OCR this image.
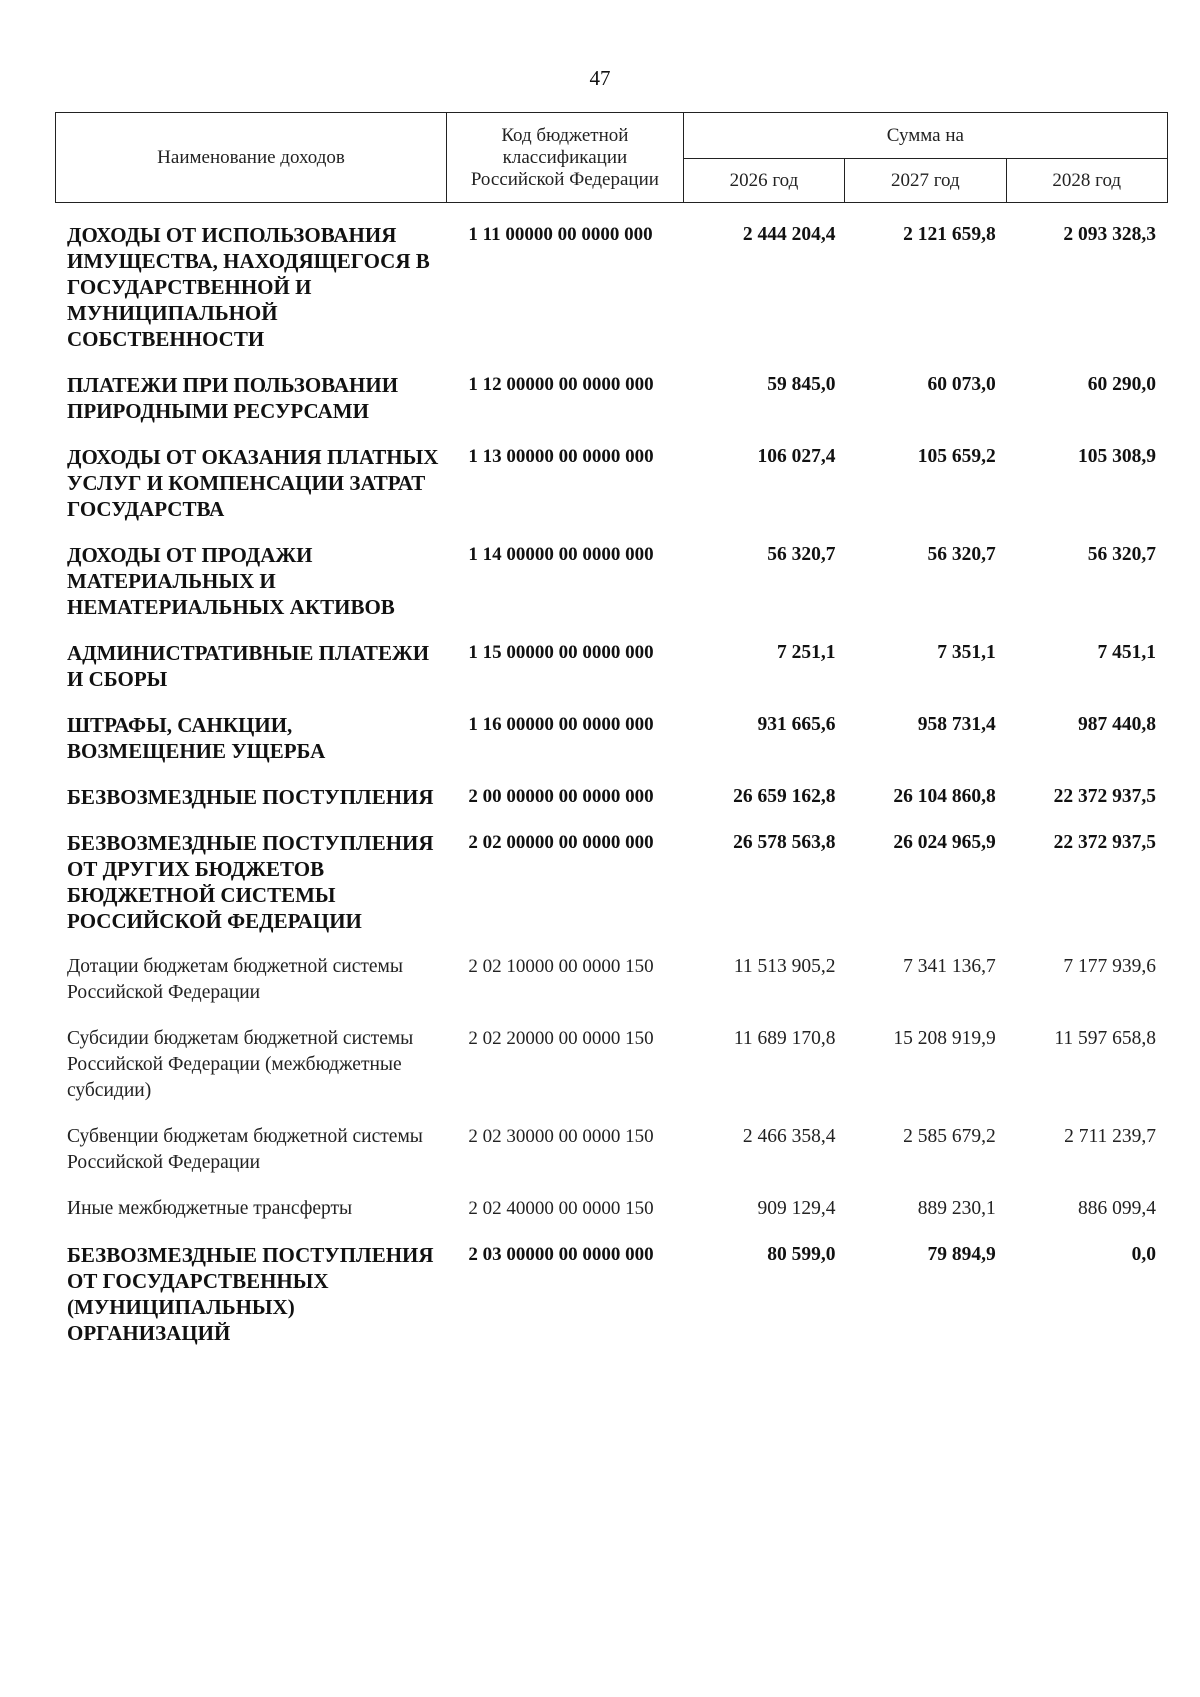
47
Наименование доходов	Код бюджетной
классификации
Российской Федерации	Сумма на		
		2026 год	2027 год	2028 год
ДОХОДЫ ОТ ИСПОЛЬЗОВАНИЯ ИМУЩЕСТВА, НАХОДЯЩЕГОСЯ В ГОСУДАРСТВЕННОЙ И МУНИЦИПАЛЬНОЙ СОБСТВЕННОСТИ	1 11 00000 00 0000 000	2 444 204,4	2 121 659,8	2 093 328,3
ПЛАТЕЖИ ПРИ ПОЛЬЗОВАНИИ ПРИРОДНЫМИ РЕСУРСАМИ	1 12 00000 00 0000 000	59 845,0	60 073,0	60 290,0
ДОХОДЫ ОТ ОКАЗАНИЯ ПЛАТНЫХ УСЛУГ И КОМПЕНСАЦИИ ЗАТРАТ ГОСУДАРСТВА	1 13 00000 00 0000 000	106 027,4	105 659,2	105 308,9
ДОХОДЫ ОТ ПРОДАЖИ МАТЕРИАЛЬНЫХ И НЕМАТЕРИАЛЬНЫХ АКТИВОВ	1 14 00000 00 0000 000	56 320,7	56 320,7	56 320,7
АДМИНИСТРАТИВНЫЕ ПЛАТЕЖИ И СБОРЫ	1 15 00000 00 0000 000	7 251,1	7 351,1	7 451,1
ШТРАФЫ, САНКЦИИ, ВОЗМЕЩЕНИЕ УЩЕРБА	1 16 00000 00 0000 000	931 665,6	958 731,4	987 440,8
БЕЗВОЗМЕЗДНЫЕ ПОСТУПЛЕНИЯ	2 00 00000 00 0000 000	26 659 162,8	26 104 860,8	22 372 937,5
БЕЗВОЗМЕЗДНЫЕ ПОСТУПЛЕНИЯ ОТ ДРУГИХ БЮДЖЕТОВ БЮДЖЕТНОЙ СИСТЕМЫ РОССИЙСКОЙ ФЕДЕРАЦИИ	2 02 00000 00 0000 000	26 578 563,8	26 024 965,9	22 372 937,5
Дотации бюджетам бюджетной системы Российской Федерации	2 02 10000 00 0000 150	11 513 905,2	7 341 136,7	7 177 939,6
Субсидии бюджетам бюджетной системы Российской Федерации (межбюджетные субсидии)	2 02 20000 00 0000 150	11 689 170,8	15 208 919,9	11 597 658,8
Субвенции бюджетам бюджетной системы Российской Федерации	2 02 30000 00 0000 150	2 466 358,4	2 585 679,2	2 711 239,7
Иные межбюджетные трансферты	2 02 40000 00 0000 150	909 129,4	889 230,1	886 099,4
БЕЗВОЗМЕЗДНЫЕ ПОСТУПЛЕНИЯ ОТ ГОСУДАРСТВЕННЫХ (МУНИЦИПАЛЬНЫХ) ОРГАНИЗАЦИЙ	2 03 00000 00 0000 000	80 599,0	79 894,9	0,0
